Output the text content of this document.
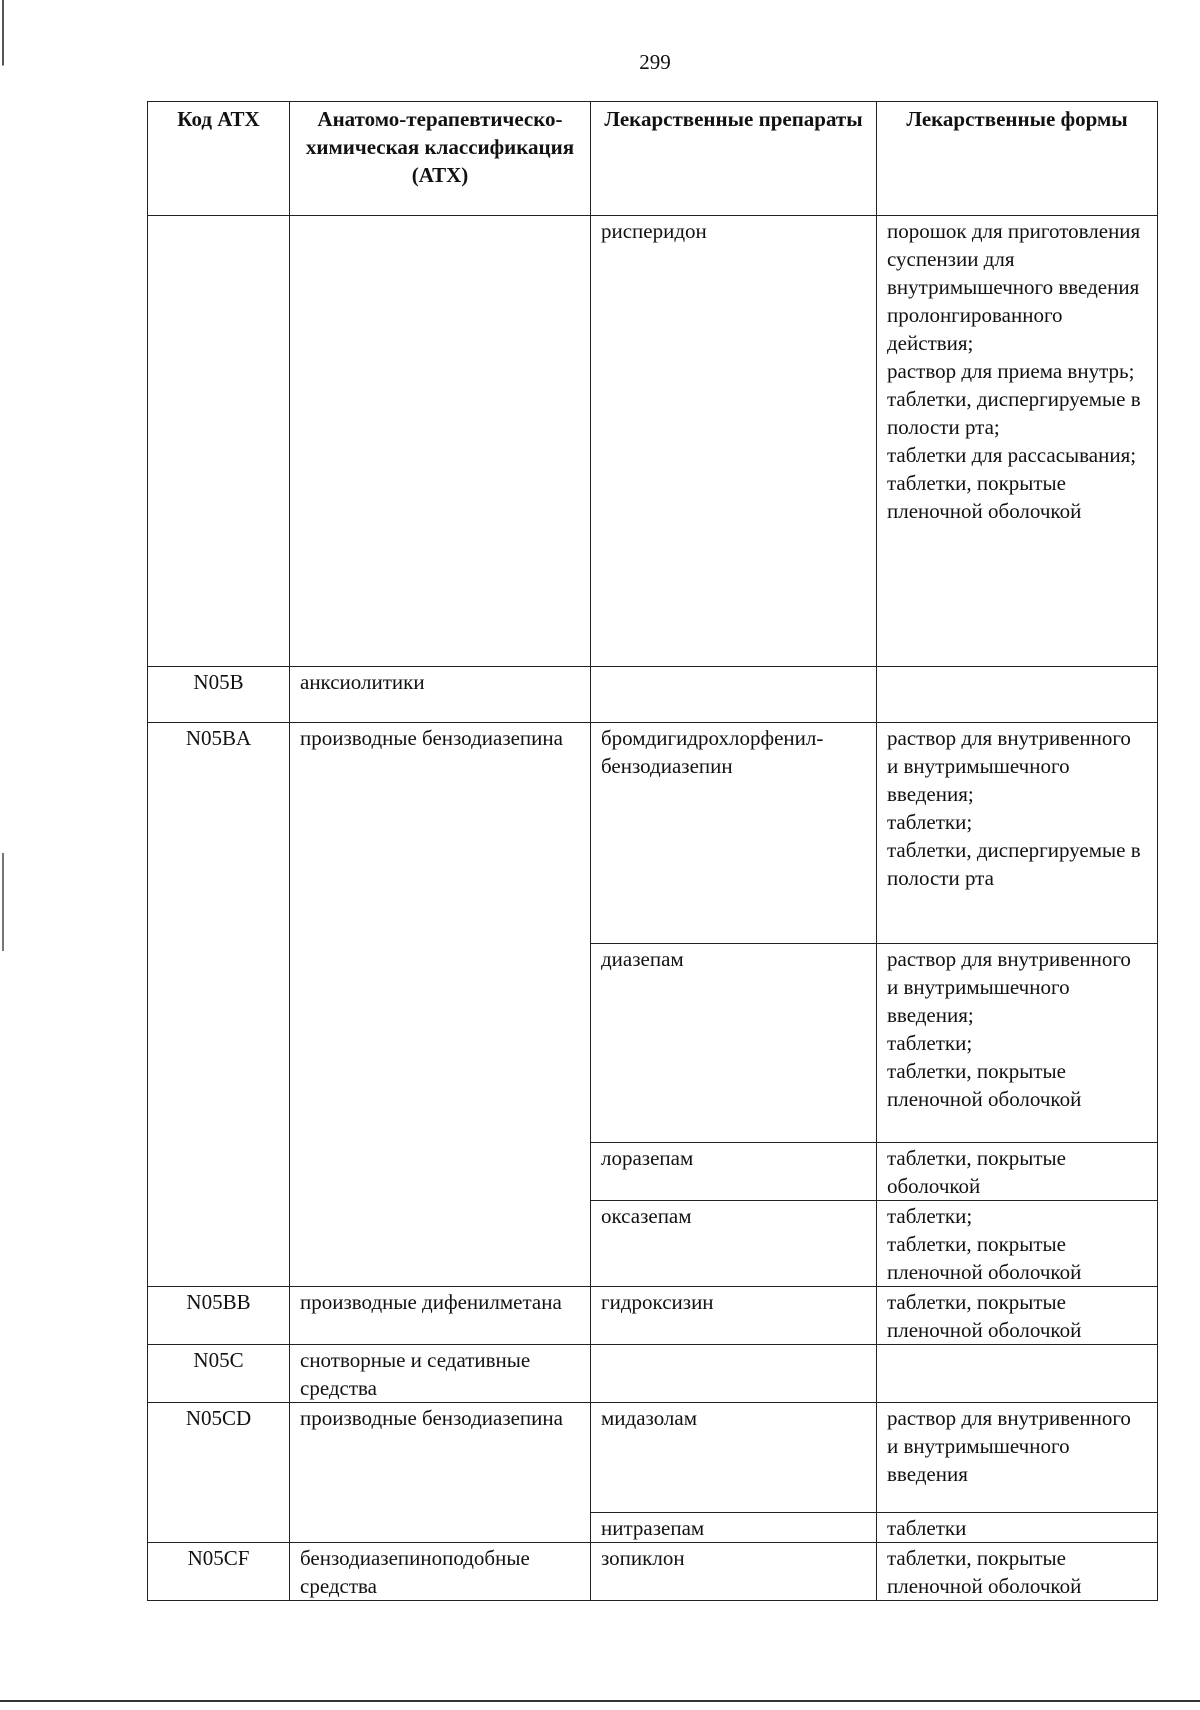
299
Код АТХ	Анатомо-терапевтическо-химическая классификация (АТХ)	Лекарственные препараты	Лекарственные формы
		рисперидон	порошок для приготовления суспензии для внутримышечного введения пролонгированного действия;
раствор для приема внутрь;
таблетки, диспергируемые в полости рта;
таблетки для рассасывания;
таблетки, покрытые пленочной оболочкой
N05B	анксиолитики		
N05BA	производные бензодиазепина	бромдигидрохлорфенил-бензодиазепин	раствор для внутривенного и внутримышечного введения;
таблетки;
таблетки, диспергируемые в полости рта
		диазепам	раствор для внутривенного и внутримышечного введения;
таблетки;
таблетки, покрытые пленочной оболочкой
		лоразепам	таблетки, покрытые оболочкой
		оксазепам	таблетки;
таблетки, покрытые пленочной оболочкой
N05BB	производные дифенилметана	гидроксизин	таблетки, покрытые пленочной оболочкой
N05C	снотворные и седативные средства		
N05CD	производные бензодиазепина	мидазолам	раствор для внутривенного и внутримышечного введения
		нитразепам	таблетки
N05CF	бензодиазепиноподобные средства	зопиклон	таблетки, покрытые пленочной оболочкой
